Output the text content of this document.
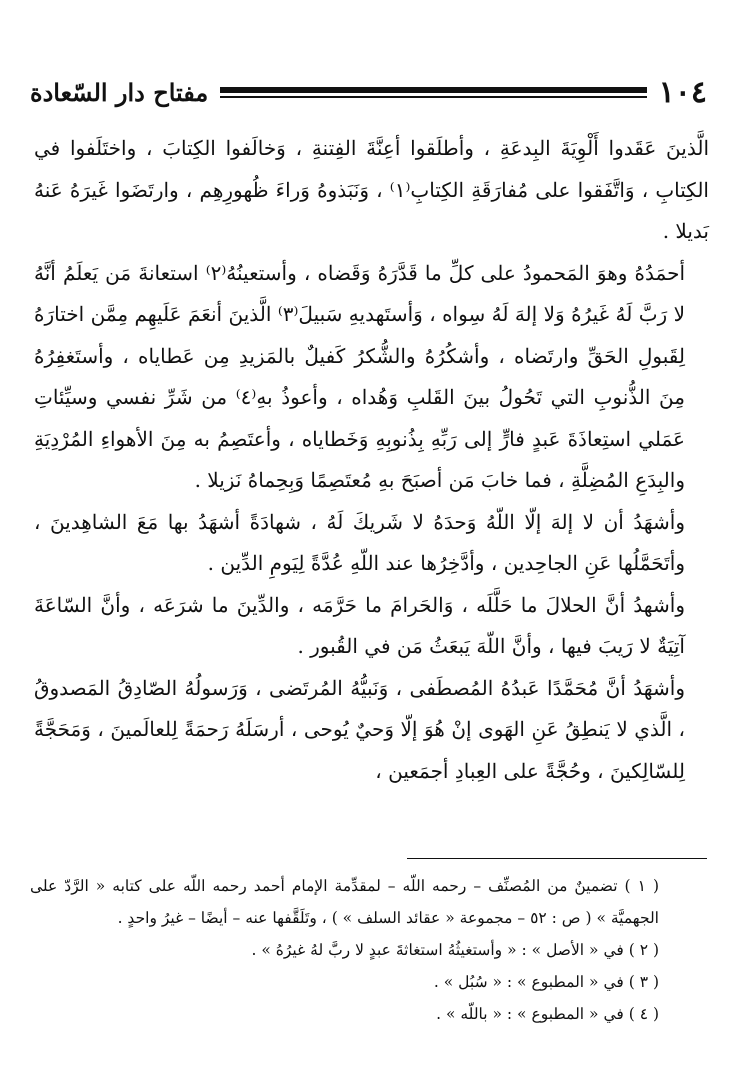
١٠٤
مفتاح دار السّعادة

الَّذينَ عَقَدوا أَلْوِيَةَ البِدعَةِ ، وأطلَقوا أعِنَّةَ الفِتنةِ ، وَخالَفوا الكِتابَ ، واختَلَفوا في الكِتابِ ، وَاتَّفَقوا على مُفارَقَةِ الكِتابِ⁽١⁾ ، وَنَبَذوهُ وَراءَ ظُهورِهِم ، وارتَضَوا غَيرَهُ عَنهُ بَديلا .

أحمَدُهُ وهوَ المَحمودُ على كلِّ ما قَدَّرَهُ وَقَضاه ، وأستعينُهُ⁽٢⁾ استعانةَ مَن يَعلَمُ أنَّهُ لا رَبَّ لَهُ غَيرُهُ وَلا إلهَ لَهُ سِواه ، وَأستَهديهِ سَبيلَ⁽٣⁾ الَّذينَ أنعَمَ عَلَيهِم مِمَّن اختارَهُ لِقَبولِ الحَقِّ وارتَضاه ، وأشكُرُهُ والشُّكرُ كَفيلٌ بالمَزيدِ مِن عَطاياه ، وأستَغفِرُهُ مِنَ الذُّنوبِ التي تَحُولُ بينَ القَلبِ وَهُداه ، وأعوذُ بهِ⁽٤⁾ من شَرِّ نفسي وسيِّئاتِ عَمَلي استِعاذَةَ عَبدٍ فارٍّ إلى رَبِّهِ بِذُنوبِهِ وَخَطاياه ، وأعتَصِمُ به مِنَ الأهواءِ المُرْدِيَةِ والبِدَعِ المُضِلَّةِ ، فما خابَ مَن أصبَحَ بهِ مُعتَصِمًا وَبِحِماهُ نَزيلا .

وأشهَدُ أن لا إلهَ إلّا اللّهُ وَحدَهُ لا شَريكَ لَهُ ، شهادَةً أشهَدُ بها مَعَ الشاهِدينَ ، وأتَحَمَّلُها عَنِ الجاحِدين ، وأدَّخِرُها عند اللّهِ عُدَّةً لِيَومِ الدِّين .

وأشهدُ أنَّ الحلالَ ما حَلَّلَه ، وَالحَرامَ ما حَرَّمَه ، والدِّينَ ما شرَعَه ، وأنَّ السّاعَةَ آتِيَةٌ لا رَيبَ فيها ، وأنَّ اللّهَ يَبعَثُ مَن في القُبور .

وأشهَدُ أنَّ مُحَمَّدًا عَبدُهُ المُصطَفى ، وَنَبيُّهُ المُرتَضى ، وَرَسولُهُ الصّادِقُ المَصدوقُ ، الَّذي لا يَنطِقُ عَنِ الهَوى إنْ هُوَ إلّا وَحيٌ يُوحى ، أرسَلَهُ رَحمَةً لِلعالَمينَ ، وَمَحَجَّةً لِلسّالِكينَ ، وحُجَّةً على العِبادِ أجمَعين ،

( ١ ) تضمينٌ من المُصنِّف – رحمه اللّه – لمقدِّمة الإمام أحمد رحمه اللّه على كتابه « الرَّدّ على الجهميَّة » ( ص : ٥٢ – مجموعة « عقائد السلف » ) ، وتَلَقَّفها عنه – أيضًا – غيرُ واحدٍ .

( ٢ ) في « الأصل » : « وأستغيثُهُ استغاثةَ عبدٍ لا ربَّ لهُ غيرُهُ » .

( ٣ ) في « المطبوع » : « سُبُل » .

( ٤ ) في « المطبوع » : « باللّه » .
